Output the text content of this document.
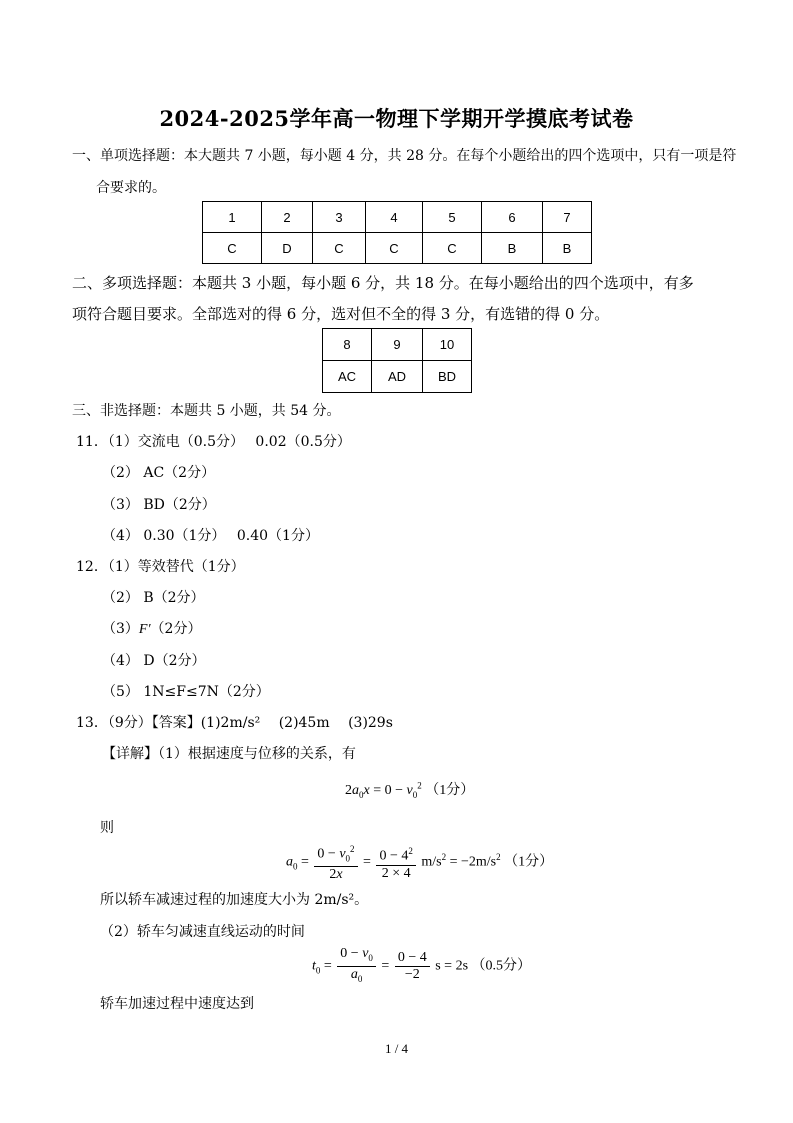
2024-2025学年高一物理下学期开学摸底考试卷
一、单项选择题：本大题共 7 小题，每小题 4 分，共 28 分。在每个小题给出的四个选项中，只有一项是符
合要求的。
1	2	3	4	5	6	7
C	D	C	C	C	B	B
二、多项选择题：本题共 3 小题，每小题 6 分，共 18 分。在每小题给出的四个选项中，有多
项符合题目要求。全部选对的得 6 分，选对但不全的得 3 分，有选错的得 0 分。
8	9	10
AC	AD	BD
三、非选择题：本题共 5 小题，共 54 分。
11．（1）交流电（0.5分）　 0.02（0.5分）
（2） AC（2分）
（3） BD（2分）
（4） 0.30（1分）　 0.40（1分）
12．（1）等效替代（1分）
（2） B（2分）
（3）F′（2分）
（4） D（2分）
（5） 1N≤F≤7N（2分）
13．（9分）【答案】(1)2m/s²　 (2)45m　 (3)29s
【详解】（1）根据速度与位移的关系，有
$2a_0x = 0 - v_0^2$ （1分）
则
$a_0 = \frac{0 - v_0^2}{2x} = \frac{0 - 4^2}{2 \times 4} m/s^2 = -2m/s^2$ （1分）
所以轿车减速过程的加速度大小为 2m/s²。
（2）轿车匀减速直线运动的时间
$t_0 = \frac{0 - v_0}{a_0} = \frac{0 - 4}{-2}$ s = 2s （0.5分）
轿车加速过程中速度达到
1 / 4
